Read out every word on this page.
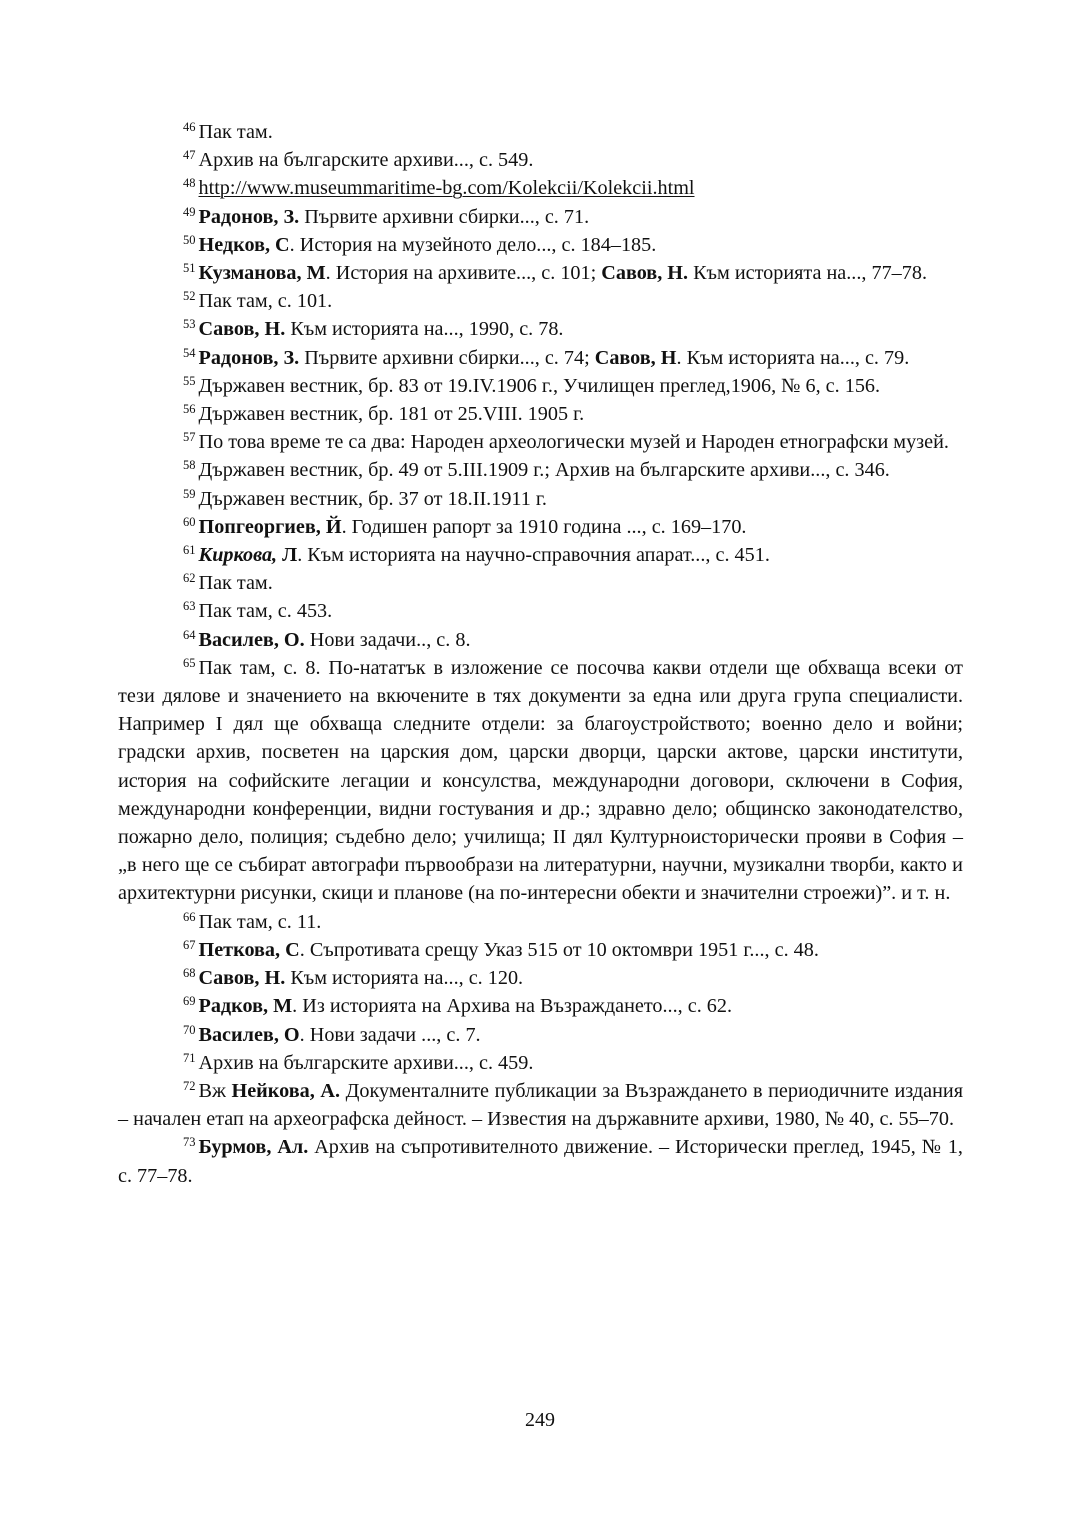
$^{46}$ Пак там.

$^{47}$ Архив на българските архиви..., с. 549.

$^{48}$ http://www.museummaritime-bg.com/Kolekcii/Kolekcii.html

$^{49}$ Радонов, З. Първите архивни сбирки..., с. 71.

$^{50}$ Недков, С. История на музейното дело..., с. 184–185.

$^{51}$ Кузманова, М. История на архивите..., с. 101; Савов, Н. Към историята на..., 77–78.

$^{52}$ Пак там, с. 101.

$^{53}$ Савов, Н. Към историята на..., 1990, с. 78.

$^{54}$ Радонов, З. Първите архивни сбирки..., с. 74; Савов, Н. Към историята на..., с. 79.

$^{55}$ Държавен вестник, бр. 83 от 19.IV.1906 г., Училищен преглед,1906, № 6, с. 156.

$^{56}$ Държавен вестник, бр. 181 от 25.VIII. 1905 г.

$^{57}$ По това време те са два: Народен археологически музей и Народен етнографски музей.

$^{58}$ Държавен вестник, бр. 49 от 5.III.1909 г.; Архив на българските архиви..., с. 346.

$^{59}$ Държавен вестник, бр. 37 от 18.II.1911 г.

$^{60}$ Попгеоргиев, Й. Годишен рапорт за 1910 година ..., с. 169–170.

$^{61}$ Киркова, Л. Към историята на научно-справочния апарат..., с. 451.

$^{62}$ Пак там.

$^{63}$ Пак там, с. 453.

$^{64}$ Василев, О. Нови задачи.., с. 8.

$^{65}$ Пак там, с. 8. По-нататък в изложение се посочва какви отдели ще обхваща всеки от тези дялове и значението на вкючените в тях документи за една или друга група специалисти. Например I дял ще обхваща следните отдели: за благоустройството; военно дело и войни; градски архив, посветен на царския дом, царски дворци, царски актове, царски институти, история на софийските легации и консулства, международни договори, сключени в София, международни конференции, видни гостувания и др.; здравно дело; общинско законодателство, пожарно дело, полиция; съдебно дело; училища; II дял Културноисторически прояви в София – „в него ще се събират автографи първообрази на литературни, научни, музикални творби, както и архитектурни рисунки, скици и планове (на по-интересни обекти и значителни строежи)”. и т. н.

$^{66}$ Пак там, с. 11.

$^{67}$ Петкова, С. Съпротивата срещу Указ 515 от 10 октомври 1951 г..., с. 48.

$^{68}$ Савов, Н. Към историята на..., с. 120.

$^{69}$ Радков, М. Из историята на Архива на Възраждането..., с. 62.

$^{70}$ Василев, О. Нови задачи ..., с. 7.

$^{71}$ Архив на българските архиви..., с. 459.

$^{72}$ Вж Нейкова, А. Документалните публикации за Възраждането в периодичните издания – начален етап на археографска дейност. – Известия на държавните архиви, 1980, № 40, с. 55–70.

$^{73}$ Бурмов, Ал. Архив на съпротивителното движение. – Исторически преглед, 1945, № 1, с. 77–78.

249
